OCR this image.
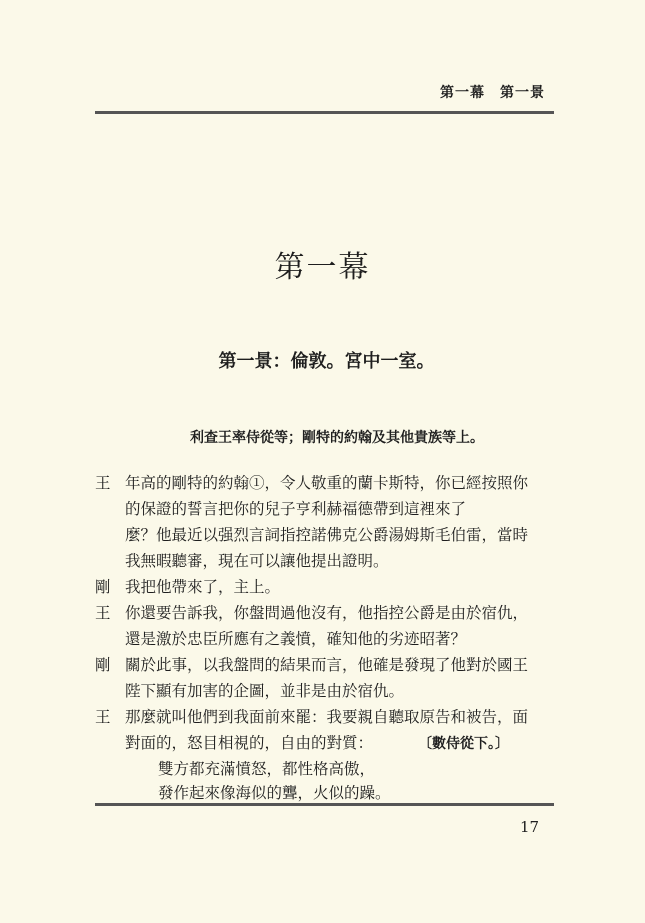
第一幕　第一景
第一幕
第一景：倫敦。宮中一室。
利查王率侍從等；剛特的約翰及其他貴族等上。
王 年高的剛特的約翰①，令人敬重的蘭卡斯特，你已經按照你
的保證的誓言把你的兒子亨利赫福德帶到這裡來了
麼？他最近以强烈言詞指控諾佛克公爵湯姆斯毛伯雷，當時
我無暇聽審，現在可以讓他提出證明。
剛 我把他帶來了，主上。
王 你還要告訴我，你盤問過他沒有，他指控公爵是由於宿仇，
還是激於忠臣所應有之義憤，確知他的劣迹昭著？
剛 關於此事，以我盤問的結果而言，他確是發現了他對於國王
陛下顯有加害的企圖，並非是由於宿仇。
王 那麼就叫他們到我面前來罷：我要親自聽取原告和被告，面
對面的，怒目相視的，自由的對質：	〔數侍從下。〕
雙方都充滿憤怒，都性格高傲，
發作起來像海似的聾，火似的躁。
17
